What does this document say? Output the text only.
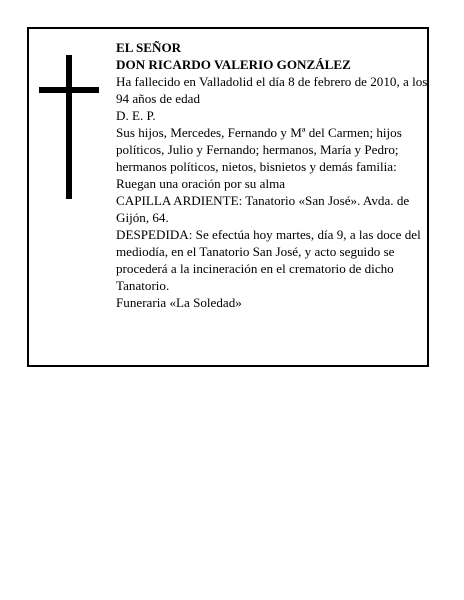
EL SEÑOR

DON RICARDO VALERIO GONZÁLEZ

Ha fallecido en Valladolid el día 8 de febrero de 2010, a los 94 años de edad

D. E. P.

Sus hijos, Mercedes, Fernando y Mª del Carmen; hijos políticos, Julio y Fernando; hermanos, María y Pedro; hermanos políticos, nietos, bisnietos y demás familia:

Ruegan una oración por su alma

CAPILLA ARDIENTE: Tanatorio «San José». Avda. de Gijón, 64.

DESPEDIDA: Se efectúa hoy martes, día 9, a las doce del mediodía, en el Tanatorio San José, y acto seguido se procederá a la incineración en el crematorio de dicho Tanatorio.

Funeraria «La Soledad»
